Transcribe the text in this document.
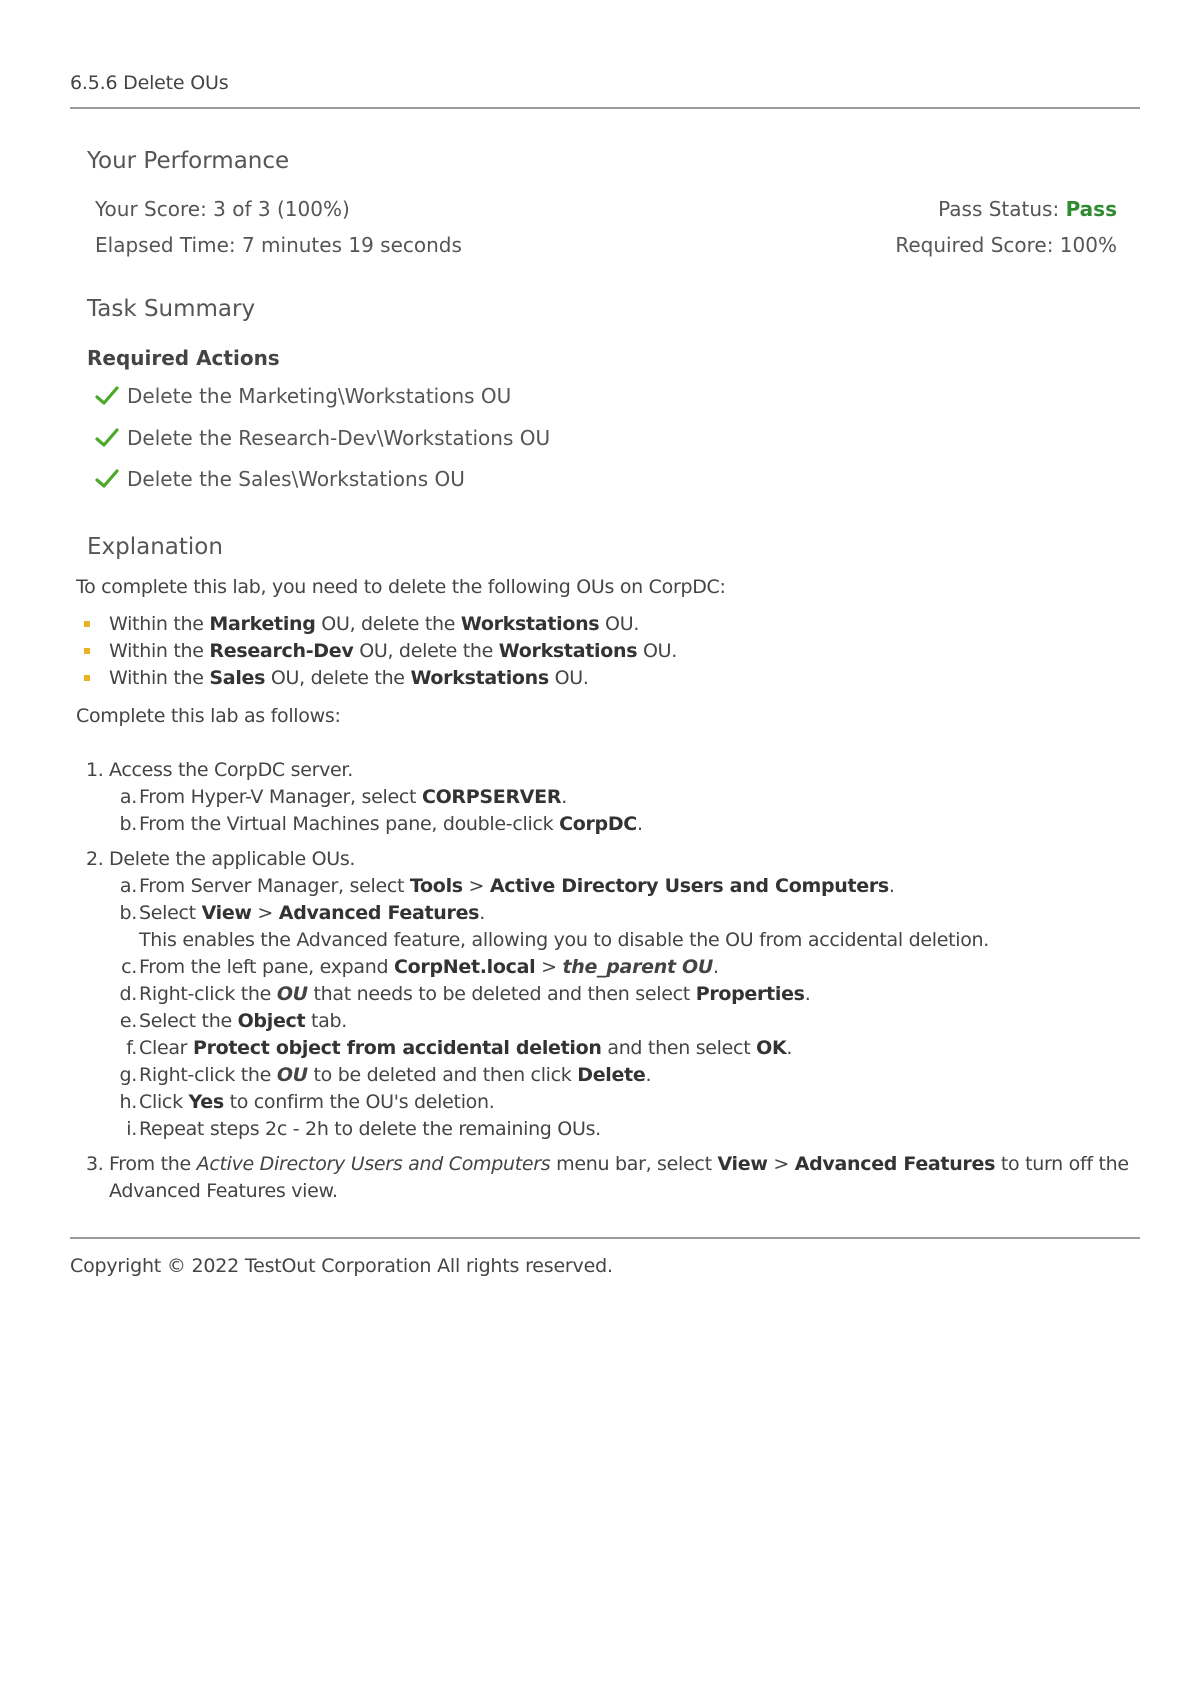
6.5.6 Delete OUs
Your Performance
Your Score: 3 of 3 (100%)
Elapsed Time: 7 minutes 19 seconds
Pass Status: Pass
Required Score: 100%
Task Summary
Required Actions
Delete the Marketing\Workstations OU
Delete the Research-Dev\Workstations OU
Delete the Sales\Workstations OU
Explanation

To complete this lab, you need to delete the following OUs on CorpDC:

Within the Marketing OU, delete the Workstations OU.
Within the Research-Dev OU, delete the Workstations OU.
Within the Sales OU, delete the Workstations OU.

Complete this lab as follows:

1. Access the CorpDC server.
a. From Hyper-V Manager, select CORPSERVER.
b. From the Virtual Machines pane, double-click CorpDC.
2. Delete the applicable OUs.
a. From Server Manager, select Tools > Active Directory Users and Computers.
b. Select View > Advanced Features.
This enables the Advanced feature, allowing you to disable the OU from accidental deletion.
c. From the left pane, expand CorpNet.local > the_parent OU.
d. Right-click the OU that needs to be deleted and then select Properties.
e. Select the Object tab.
f. Clear Protect object from accidental deletion and then select OK.
g. Right-click the OU to be deleted and then click Delete.
h. Click Yes to confirm the OU's deletion.
i. Repeat steps 2c - 2h to delete the remaining OUs.
3. From the Active Directory Users and Computers menu bar, select View > Advanced Features to turn off the Advanced Features view.
Copyright © 2022 TestOut Corporation All rights reserved.
